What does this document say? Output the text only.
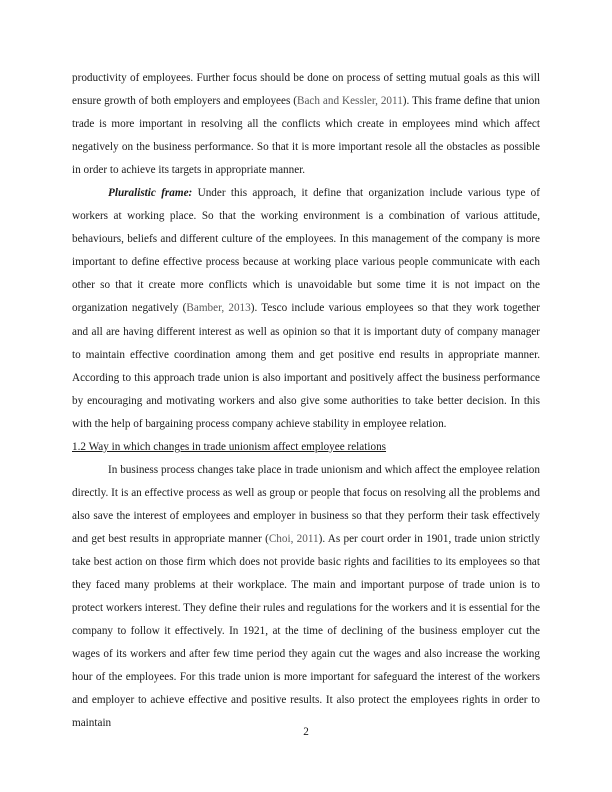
productivity of employees. Further focus should be done on process of setting mutual goals as this will ensure growth of both employers and employees (Bach and Kessler, 2011). This frame define that union trade is more important in resolving all the conflicts which create in employees mind which affect negatively on the business performance. So that it is more important resole all the obstacles as possible in order to achieve its targets in appropriate manner.

Pluralistic frame: Under this approach, it define that organization include various type of workers at working place. So that the working environment is a combination of various attitude, behaviours, beliefs and different culture of the employees. In this management of the company is more important to define effective process because at working place various people communicate with each other so that it create more conflicts which is unavoidable but some time it is not impact on the organization negatively (Bamber, 2013). Tesco include various employees so that they work together and all are having different interest as well as opinion so that it is important duty of company manager to maintain effective coordination among them and get positive end results in appropriate manner. According to this approach trade union is also important and positively affect the business performance by encouraging and motivating workers and also give some authorities to take better decision. In this with the help of bargaining process company achieve stability in employee relation.

1.2 Way in which changes in trade unionism affect employee relations

In business process changes take place in trade unionism and which affect the employee relation directly. It is an effective process as well as group or people that focus on resolving all the problems and also save the interest of employees and employer in business so that they perform their task effectively and get best results in appropriate manner (Choi, 2011). As per court order in 1901, trade union strictly take best action on those firm which does not provide basic rights and facilities to its employees so that they faced many problems at their workplace. The main and important purpose of trade union is to protect workers interest. They define their rules and regulations for the workers and it is essential for the company to follow it effectively. In 1921, at the time of declining of the business employer cut the wages of its workers and after few time period they again cut the wages and also increase the working hour of the employees. For this trade union is more important for safeguard the interest of the workers and employer to achieve effective and positive results. It also protect the employees rights in order to maintain

2
